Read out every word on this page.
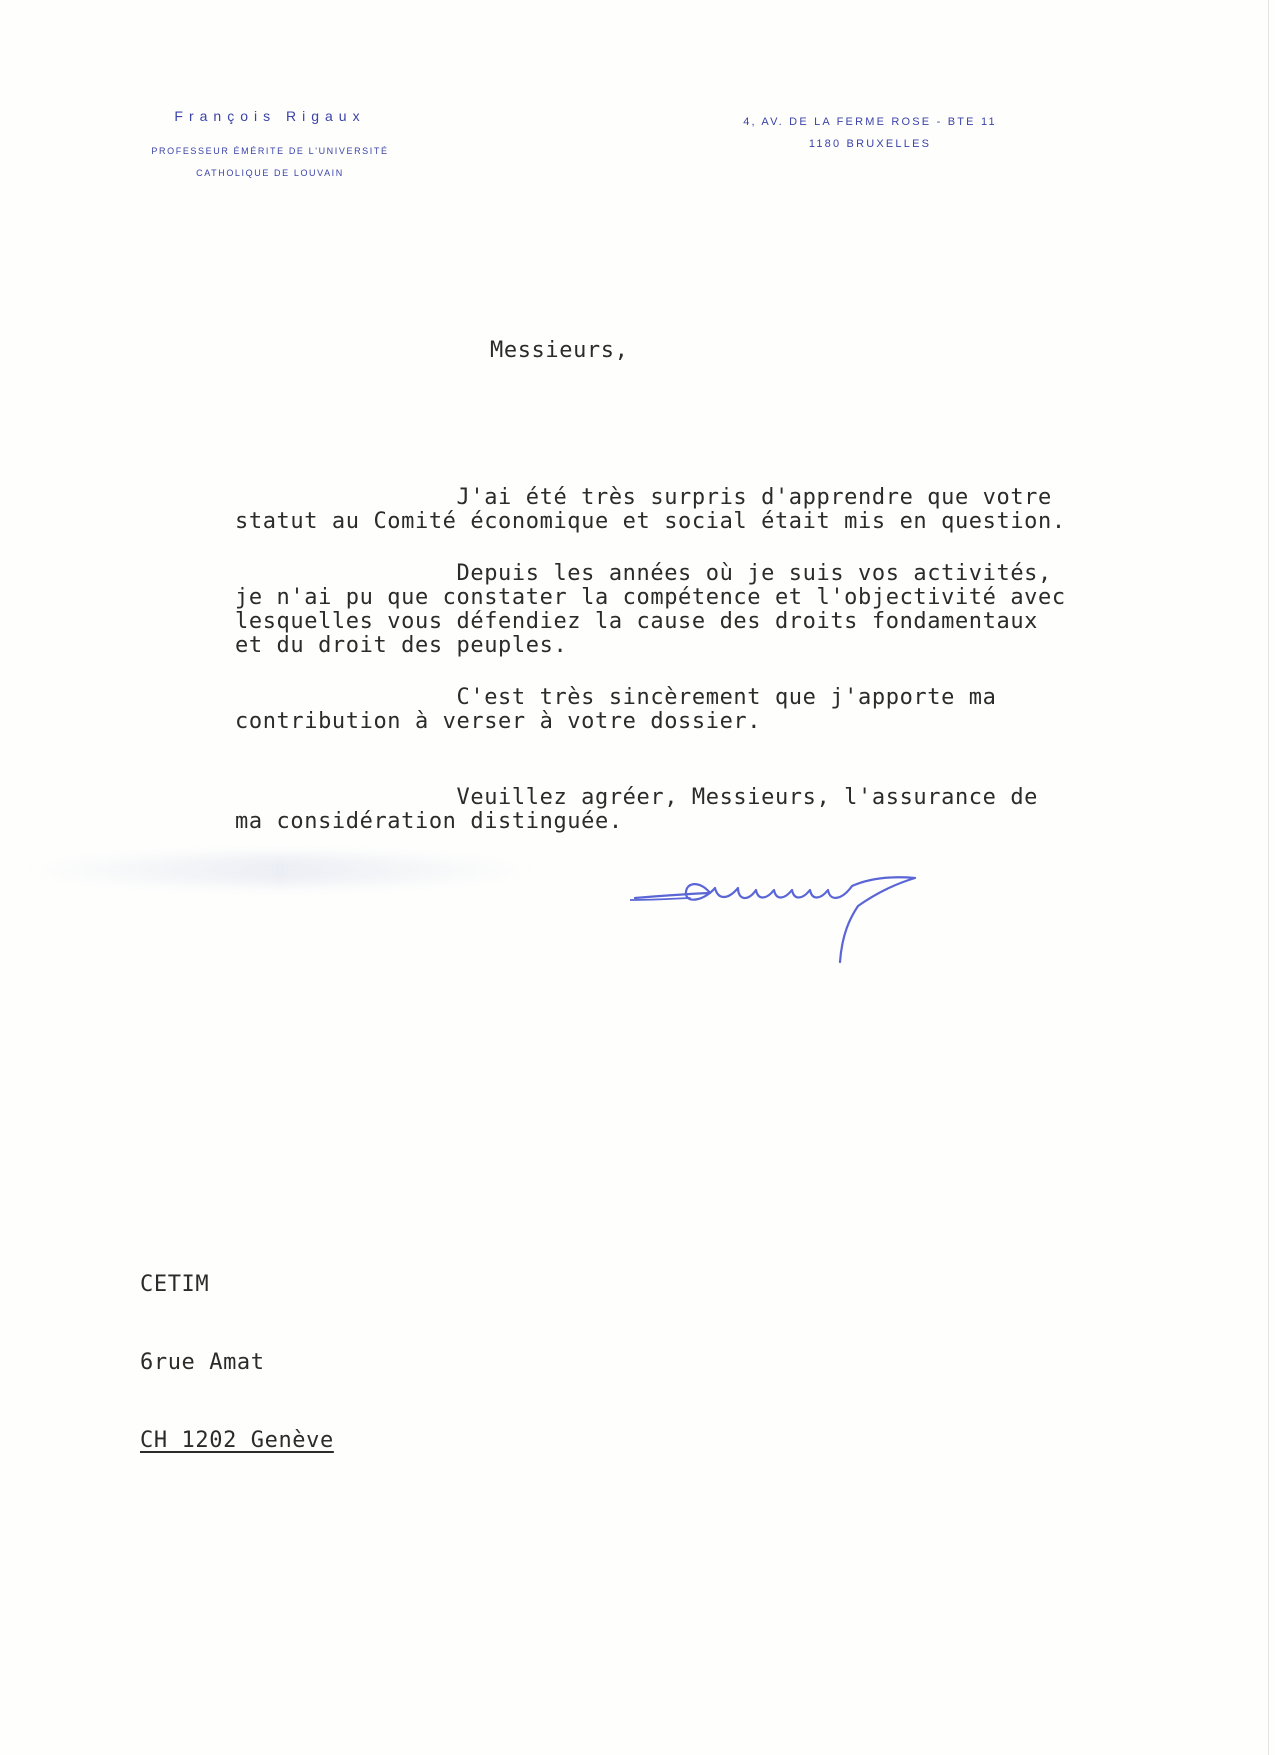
François Rigaux
PROFESSEUR ÉMÉRITE DE L'UNIVERSITÉ
CATHOLIQUE DE LOUVAIN
4, AV. DE LA FERME ROSE - BTE 11
1180 BRUXELLES
Messieurs,
J'ai été très surpris d'apprendre que votre
statut au Comité économique et social était mis en question.
Depuis les années où je suis vos activités,
je n'ai pu que constater la compétence et l'objectivité avec
lesquelles vous défendiez la cause des droits fondamentaux
et du droit des peuples.
C'est très sincèrement que j'apporte ma
contribution à verser à votre dossier.
Veuillez agréer, Messieurs, l'assurance de
ma considération distinguée.

CETIM

6rue Amat

CH 1202 Genève
